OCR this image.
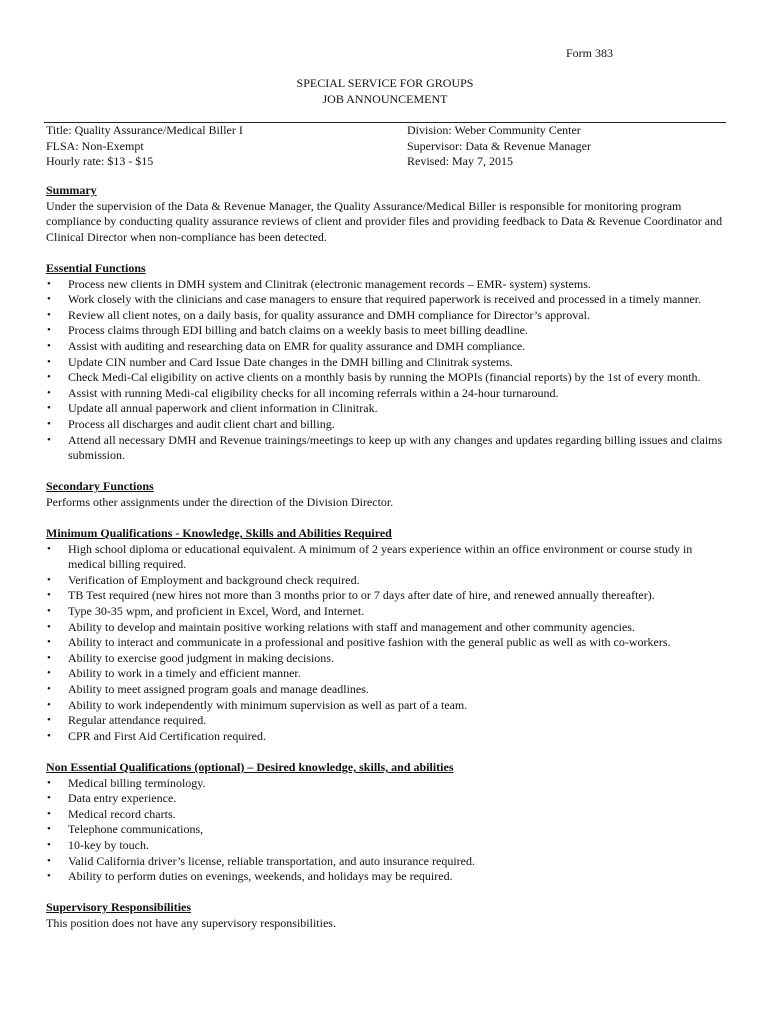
Form 383
SPECIAL SERVICE FOR GROUPS
JOB ANNOUNCEMENT
Title: Quality Assurance/Medical Biller I
FLSA: Non-Exempt
Hourly rate: $13 - $15
Division: Weber Community Center
Supervisor: Data & Revenue Manager
Revised: May 7, 2015
Summary

Under the supervision of the Data & Revenue Manager, the Quality Assurance/Medical Biller is responsible for monitoring program compliance by conducting quality assurance reviews of client and provider files and providing feedback to Data & Revenue Coordinator and Clinical Director when non-compliance has been detected.

Essential Functions
• Process new clients in DMH system and Clinitrak (electronic management records – EMR- system) systems.
• Work closely with the clinicians and case managers to ensure that required paperwork is received and processed in a timely manner.
• Review all client notes, on a daily basis, for quality assurance and DMH compliance for Director’s approval.
• Process claims through EDI billing and batch claims on a weekly basis to meet billing deadline.
• Assist with auditing and researching data on EMR for quality assurance and DMH compliance.
• Update CIN number and Card Issue Date changes in the DMH billing and Clinitrak systems.
• Check Medi-Cal eligibility on active clients on a monthly basis by running the MOPIs (financial reports) by the 1st of every month.
• Assist with running Medi-cal eligibility checks for all incoming referrals within a 24-hour turnaround.
• Update all annual paperwork and client information in Clinitrak.
• Process all discharges and audit client chart and billing.
• Attend all necessary DMH and Revenue trainings/meetings to keep up with any changes and updates regarding billing issues and claims submission.
Secondary Functions

Performs other assignments under the direction of the Division Director.

Minimum Qualifications - Knowledge, Skills and Abilities Required
• High school diploma or educational equivalent. A minimum of 2 years experience within an office environment or course study in medical billing required.
• Verification of Employment and background check required.
• TB Test required (new hires not more than 3 months prior to or 7 days after date of hire, and renewed annually thereafter).
• Type 30-35 wpm, and proficient in Excel, Word, and Internet.
• Ability to develop and maintain positive working relations with staff and management and other community agencies.
• Ability to interact and communicate in a professional and positive fashion with the general public as well as with co-workers.
• Ability to exercise good judgment in making decisions.
• Ability to work in a timely and efficient manner.
• Ability to meet assigned program goals and manage deadlines.
• Ability to work independently with minimum supervision as well as part of a team.
• Regular attendance required.
• CPR and First Aid Certification required.
Non Essential Qualifications (optional) – Desired knowledge, skills, and abilities
• Medical billing terminology.
• Data entry experience.
• Medical record charts.
• Telephone communications,
• 10-key by touch.
• Valid California driver’s license, reliable transportation, and auto insurance required.
• Ability to perform duties on evenings, weekends, and holidays may be required.
Supervisory Responsibilities

This position does not have any supervisory responsibilities.
